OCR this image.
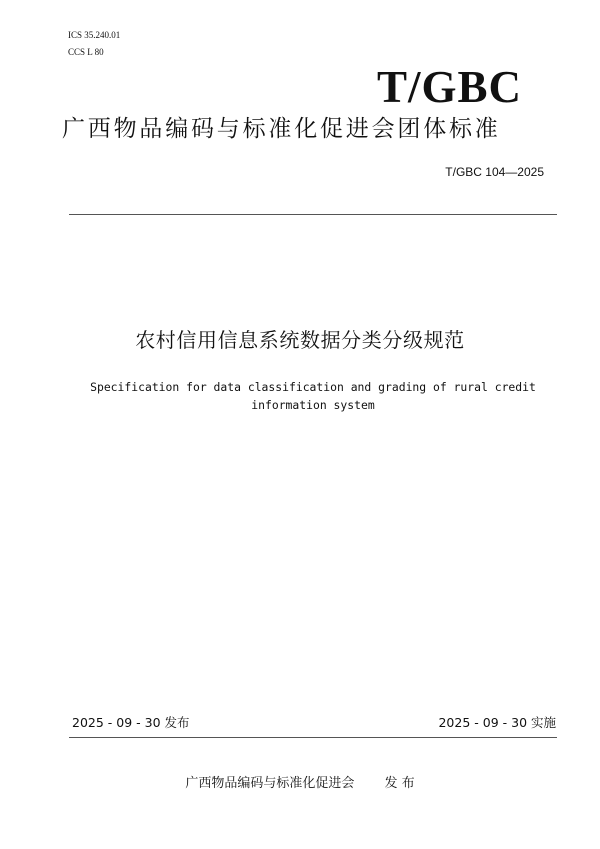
ICS 35.240.01
CCS L 80
T/GBC
广西物品编码与标准化促进会团体标准
T/GBC 104—2025
农村信用信息系统数据分类分级规范
Specification for data classification and grading of rural credit
information system
2025 - 09 - 30 发布	2025 - 09 - 30 实施
广西物品编码与标准化促进会 发 布
